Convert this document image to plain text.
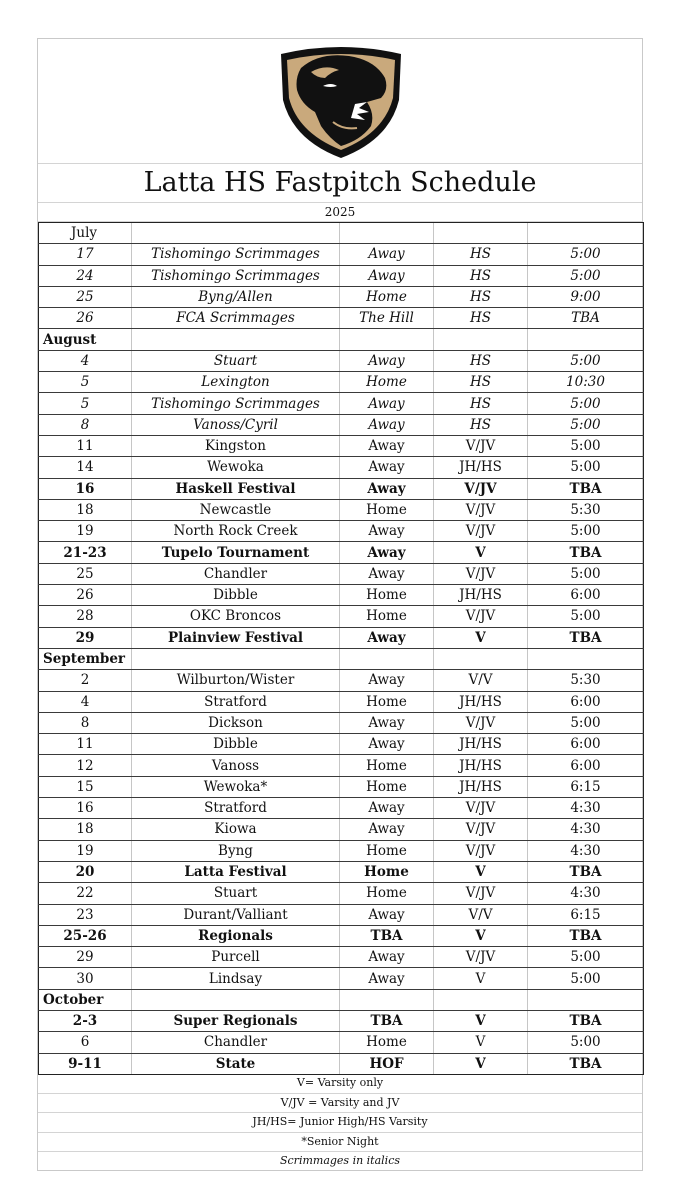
Latta HS Fastpitch Schedule
2025
July				
17	Tishomingo Scrimmages	Away	HS	5:00
24	Tishomingo Scrimmages	Away	HS	5:00
25	Byng/Allen	Home	HS	9:00
26	FCA Scrimmages	The Hill	HS	TBA
August				
4	Stuart	Away	HS	5:00
5	Lexington	Home	HS	10:30
5	Tishomingo Scrimmages	Away	HS	5:00
8	Vanoss/Cyril	Away	HS	5:00
11	Kingston	Away	V/JV	5:00
14	Wewoka	Away	JH/HS	5:00
16	Haskell Festival	Away	V/JV	TBA
18	Newcastle	Home	V/JV	5:30
19	North Rock Creek	Away	V/JV	5:00
21-23	Tupelo Tournament	Away	V	TBA
25	Chandler	Away	V/JV	5:00
26	Dibble	Home	JH/HS	6:00
28	OKC Broncos	Home	V/JV	5:00
29	Plainview Festival	Away	V	TBA
September				
2	Wilburton/Wister	Away	V/V	5:30
4	Stratford	Home	JH/HS	6:00
8	Dickson	Away	V/JV	5:00
11	Dibble	Away	JH/HS	6:00
12	Vanoss	Home	JH/HS	6:00
15	Wewoka*	Home	JH/HS	6:15
16	Stratford	Away	V/JV	4:30
18	Kiowa	Away	V/JV	4:30
19	Byng	Home	V/JV	4:30
20	Latta Festival	Home	V	TBA
22	Stuart	Home	V/JV	4:30
23	Durant/Valliant	Away	V/V	6:15
25-26	Regionals	TBA	V	TBA
29	Purcell	Away	V/JV	5:00
30	Lindsay	Away	V	5:00
October				
2-3	Super Regionals	TBA	V	TBA
6	Chandler	Home	V	5:00
9-11	State	HOF	V	TBA
V= Varsity only
V/JV = Varsity and JV
JH/HS= Junior High/HS Varsity
*Senior Night
Scrimmages in italics
